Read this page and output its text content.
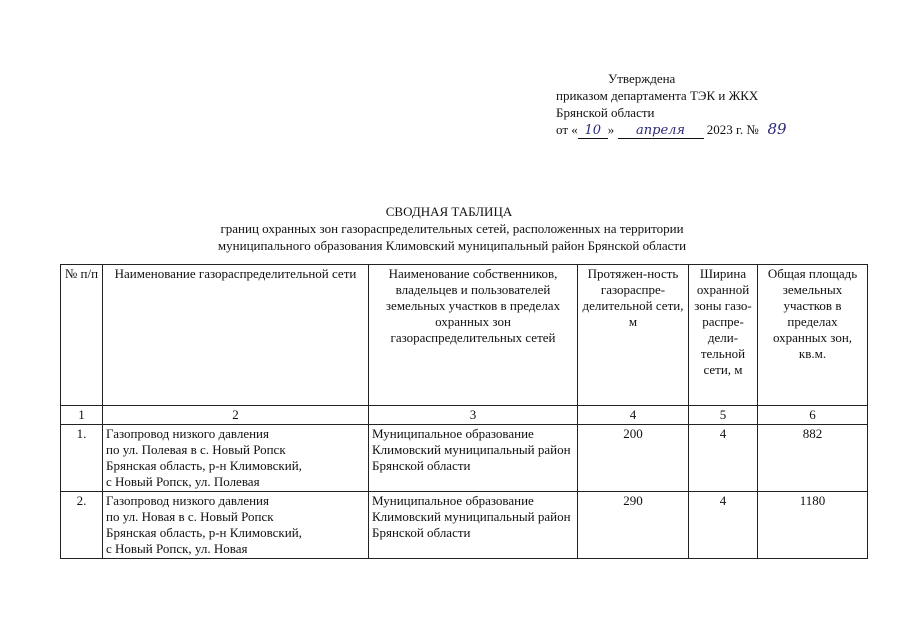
Утверждена
приказом департамента ТЭК и ЖКХ
Брянской области
от « 10 » апреля 2023 г. № 89
СВОДНАЯ ТАБЛИЦА
границ охранных зон газораспределительных сетей, расположенных на территории
муниципального образования Климовский муниципальный район Брянской области
№ п/п	Наименование газораспределительной сети	Наименование собственников, владельцев и пользователей земельных участков в пределах охранных зон газораспределительных сетей	Протяжен-ность газораспре-делительной сети, м	Ширина охранной зоны газо-распре-дели-тельной сети, м	Общая площадь земельных участков в пределах охранных зон, кв.м.
1	2	3	4	5	6
1.	Газопровод низкого давления
по ул. Полевая в с. Новый Ропск
Брянская область, р-н Климовский,
с Новый Ропск, ул. Полевая	Муниципальное образование Климовский муниципальный район Брянской области	200	4	882
2.	Газопровод низкого давления
по ул. Новая в с. Новый Ропск
Брянская область, р-н Климовский,
с Новый Ропск, ул. Новая	Муниципальное образование Климовский муниципальный район Брянской области	290	4	1180
